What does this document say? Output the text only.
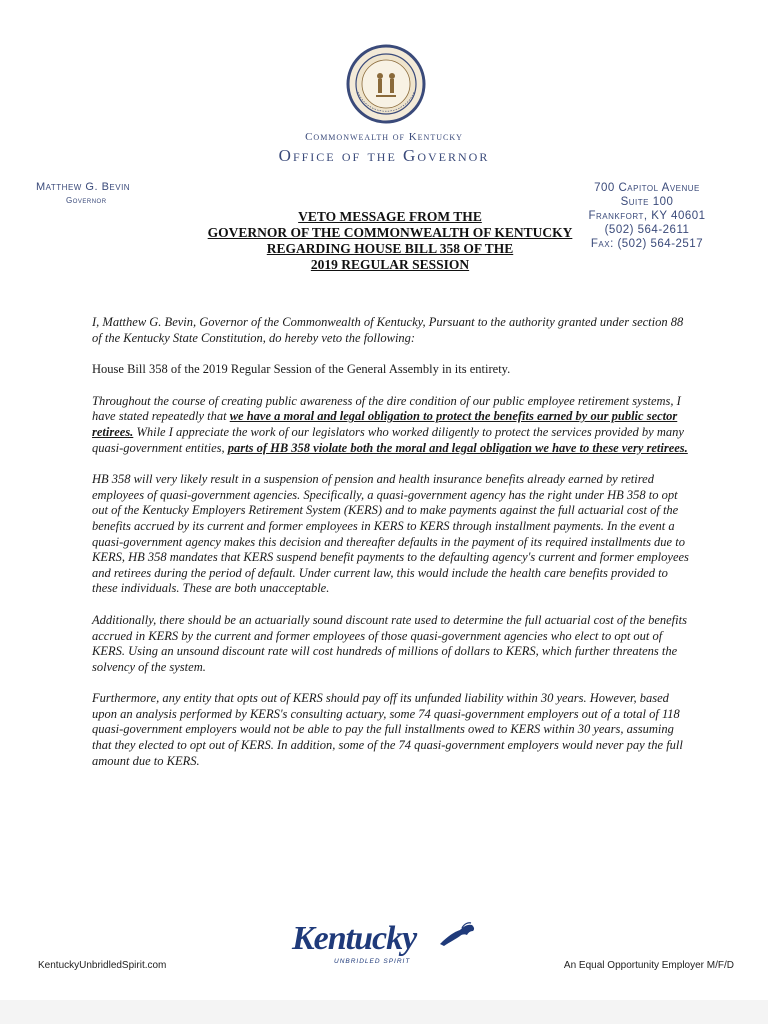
Commonwealth of Kentucky
Office of the Governor
Matthew G. Bevin
Governor
700 Capitol Avenue
Suite 100
Frankfort, KY 40601
(502) 564-2611
Fax: (502) 564-2517
VETO MESSAGE FROM THE
GOVERNOR OF THE COMMONWEALTH OF KENTUCKY
REGARDING HOUSE BILL 358 OF THE
2019 REGULAR SESSION

I, Matthew G. Bevin, Governor of the Commonwealth of Kentucky, Pursuant to the authority granted under section 88 of the Kentucky State Constitution, do hereby veto the following:

House Bill 358 of the 2019 Regular Session of the General Assembly in its entirety.

Throughout the course of creating public awareness of the dire condition of our public employee retirement systems, I have stated repeatedly that we have a moral and legal obligation to protect the benefits earned by our public sector retirees. While I appreciate the work of our legislators who worked diligently to protect the services provided by many quasi-government entities, parts of HB 358 violate both the moral and legal obligation we have to these very retirees.

HB 358 will very likely result in a suspension of pension and health insurance benefits already earned by retired employees of quasi-government agencies. Specifically, a quasi-government agency has the right under HB 358 to opt out of the Kentucky Employers Retirement System (KERS) and to make payments against the full actuarial cost of the benefits accrued by its current and former employees in KERS to KERS through installment payments. In the event a quasi-government agency makes this decision and thereafter defaults in the payment of its required installments due to KERS, HB 358 mandates that KERS suspend benefit payments to the defaulting agency's current and former employees and retirees during the period of default. Under current law, this would include the health care benefits provided to these individuals. These are both unacceptable.

Additionally, there should be an actuarially sound discount rate used to determine the full actuarial cost of the benefits accrued in KERS by the current and former employees of those quasi-government agencies who elect to opt out of KERS. Using an unsound discount rate will cost hundreds of millions of dollars to KERS, which further threatens the solvency of the system.

Furthermore, any entity that opts out of KERS should pay off its unfunded liability within 30 years. However, based upon an analysis performed by KERS's consulting actuary, some 74 quasi-government employers out of a total of 118 quasi-government employers would not be able to pay the full installments owed to KERS within 30 years, assuming that they elected to opt out of KERS. In addition, some of the 74 quasi-government employers would never pay the full amount due to KERS.

KentuckyUnbridledSpirit.com
Kentucky
UNBRIDLED SPIRIT	An Equal Opportunity Employer M/F/D
